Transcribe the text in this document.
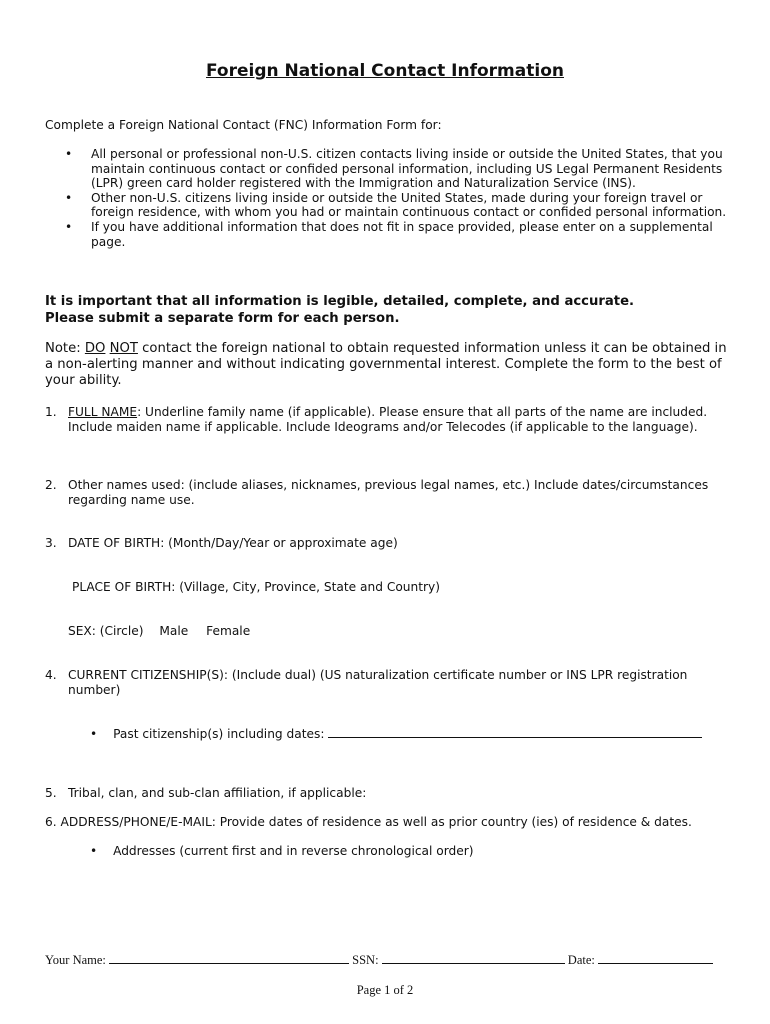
Foreign National Contact Information
Complete a Foreign National Contact (FNC) Information Form for:
• All personal or professional non-U.S. citizen contacts living inside or outside the United States, that you maintain continuous contact or confided personal information, including US Legal Permanent Residents (LPR) green card holder registered with the Immigration and Naturalization Service (INS).
• Other non-U.S. citizens living inside or outside the United States, made during your foreign travel or foreign residence, with whom you had or maintain continuous contact or confided personal information.
• If you have additional information that does not fit in space provided, please enter on a supplemental page.
It is important that all information is legible, detailed, complete, and accurate.
Please submit a separate form for each person.
Note: DO NOT contact the foreign national to obtain requested information unless it can be obtained in a non-alerting manner and without indicating governmental interest. Complete the form to the best of your ability.
1. FULL NAME: Underline family name (if applicable). Please ensure that all parts of the name are included. Include maiden name if applicable. Include Ideograms and/or Telecodes (if applicable to the language).
2. Other names used: (include aliases, nicknames, previous legal names, etc.) Include dates/circumstances regarding name use.
3. DATE OF BIRTH: (Month/Day/Year or approximate age)
PLACE OF BIRTH: (Village, City, Province, State and Country)
SEX: (Circle) Male Female
4. CURRENT CITIZENSHIP(S): (Include dual) (US naturalization certificate number or INS LPR registration number)
• Past citizenship(s) including dates:
5. Tribal, clan, and sub-clan affiliation, if applicable:
6. ADDRESS/PHONE/E-MAIL: Provide dates of residence as well as prior country (ies) of residence & dates.
• Addresses (current first and in reverse chronological order)
Your Name:	SSN:	Date:
Page 1 of 2
